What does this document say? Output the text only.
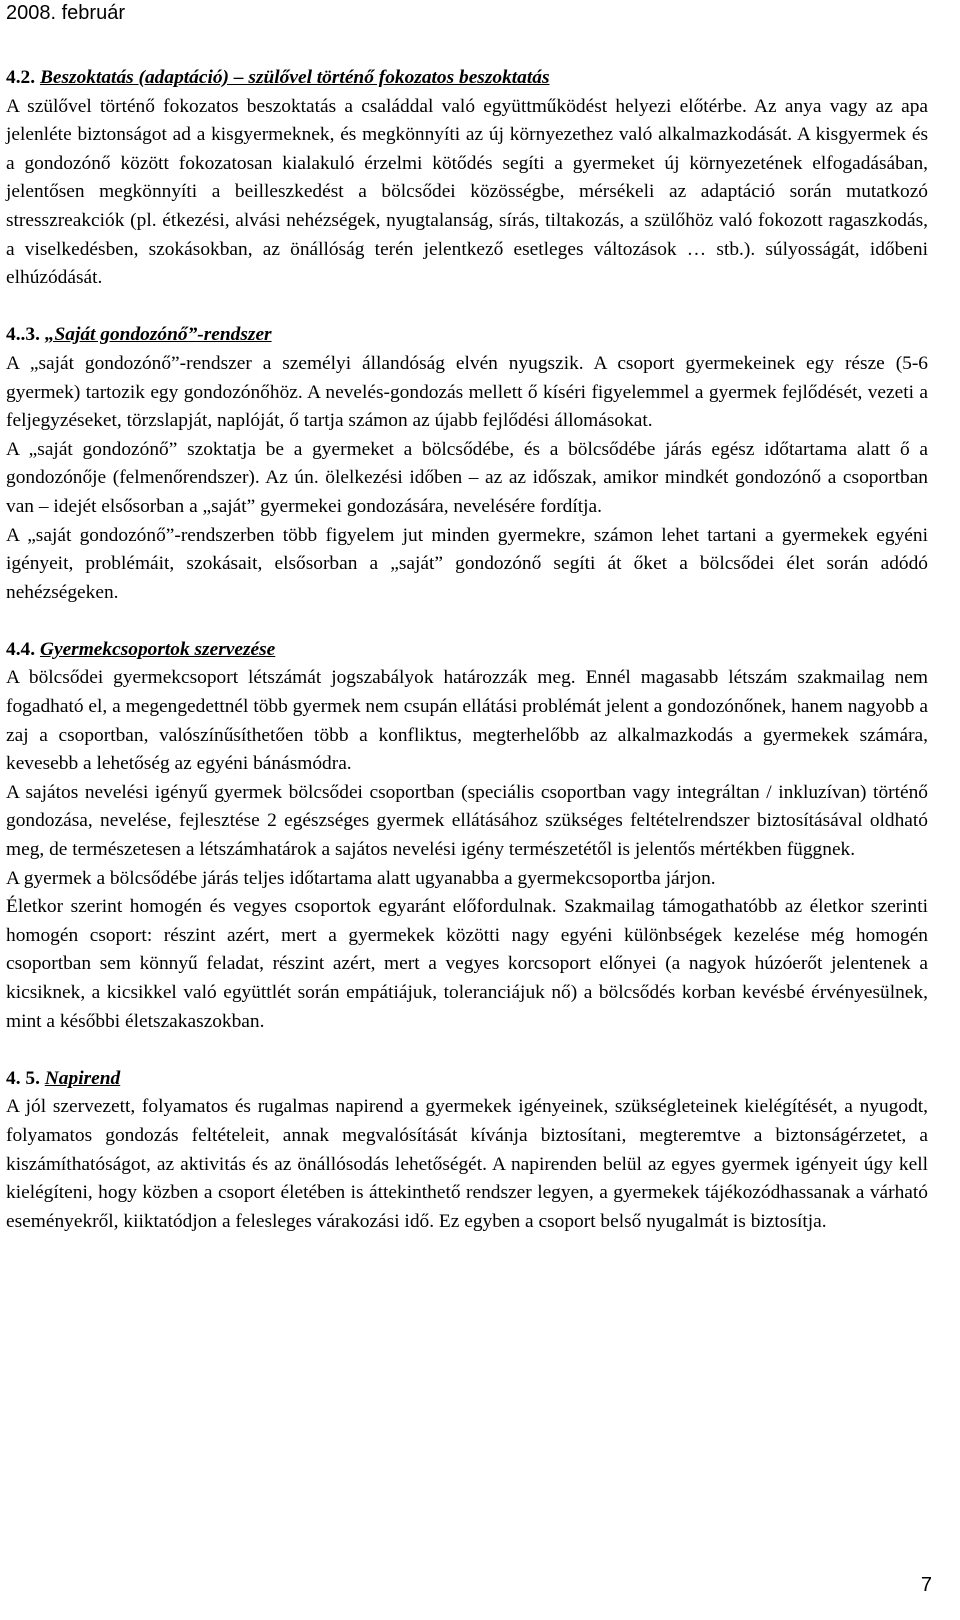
2008. február
4.2. Beszoktatás (adaptáció) – szülővel történő fokozatos beszoktatás

A szülővel történő fokozatos beszoktatás a családdal való együttműködést helyezi előtérbe. Az anya vagy az apa jelenléte biztonságot ad a kisgyermeknek, és megkönnyíti az új környezethez való alkalmazkodását. A kisgyermek és a gondozónő között fokozatosan kialakuló érzelmi kötődés segíti a gyermeket új környezetének elfogadásában, jelentősen megkönnyíti a beilleszkedést a bölcsődei közösségbe, mérsékeli az adaptáció során mutatkozó stresszreakciók (pl. étkezési, alvási nehézségek, nyugtalanság, sírás, tiltakozás, a szülőhöz való fokozott ragaszkodás, a viselkedésben, szokásokban, az önállóság terén jelentkező esetleges változások … stb.). súlyosságát, időbeni elhúzódását.

4..3. „Saját gondozónő”-rendszer

A „saját gondozónő”-rendszer a személyi állandóság elvén nyugszik. A csoport gyermekeinek egy része (5-6 gyermek) tartozik egy gondozónőhöz. A nevelés-gondozás mellett ő kíséri figyelemmel a gyermek fejlődését, vezeti a feljegyzéseket, törzslapját, naplóját, ő tartja számon az újabb fejlődési állomásokat.

A „saját gondozónő” szoktatja be a gyermeket a bölcsődébe, és a bölcsődébe járás egész időtartama alatt ő a gondozónője (felmenőrendszer). Az ún. ölelkezési időben – az az időszak, amikor mindkét gondozónő a csoportban van – idejét elsősorban a „saját” gyermekei gondozására, nevelésére fordítja.

A „saját gondozónő”-rendszerben több figyelem jut minden gyermekre, számon lehet tartani a gyermekek egyéni igényeit, problémáit, szokásait, elsősorban a „saját” gondozónő segíti át őket a bölcsődei élet során adódó nehézségeken.

4.4. Gyermekcsoportok szervezése

A bölcsődei gyermekcsoport létszámát jogszabályok határozzák meg. Ennél magasabb létszám szakmailag nem fogadható el, a megengedettnél több gyermek nem csupán ellátási problémát jelent a gondozónőnek, hanem nagyobb a zaj a csoportban, valószínűsíthetően több a konfliktus, megterhelőbb az alkalmazkodás a gyermekek számára, kevesebb a lehetőség az egyéni bánásmódra.

A sajátos nevelési igényű gyermek bölcsődei csoportban (speciális csoportban vagy integráltan / inkluzívan) történő gondozása, nevelése, fejlesztése 2 egészséges gyermek ellátásához szükséges feltételrendszer biztosításával oldható meg, de természetesen a létszámhatárok a sajátos nevelési igény természetétől is jelentős mértékben függnek.

A gyermek a bölcsődébe járás teljes időtartama alatt ugyanabba a gyermekcsoportba járjon.

Életkor szerint homogén és vegyes csoportok egyaránt előfordulnak. Szakmailag támogathatóbb az életkor szerinti homogén csoport: részint azért, mert a gyermekek közötti nagy egyéni különbségek kezelése még homogén csoportban sem könnyű feladat, részint azért, mert a vegyes korcsoport előnyei (a nagyok húzóerőt jelentenek a kicsiknek, a kicsikkel való együttlét során empátiájuk, toleranciájuk nő) a bölcsődés korban kevésbé érvényesülnek, mint a későbbi életszakaszokban.

4. 5. Napirend

A jól szervezett, folyamatos és rugalmas napirend a gyermekek igényeinek, szükségleteinek kielégítését, a nyugodt, folyamatos gondozás feltételeit, annak megvalósítását kívánja biztosítani, megteremtve a biztonságérzetet, a kiszámíthatóságot, az aktivitás és az önállósodás lehetőségét. A napirenden belül az egyes gyermek igényeit úgy kell kielégíteni, hogy közben a csoport életében is áttekinthető rendszer legyen, a gyermekek tájékozódhassanak a várható eseményekről, kiiktatódjon a felesleges várakozási idő. Ez egyben a csoport belső nyugalmát is biztosítja.

7
